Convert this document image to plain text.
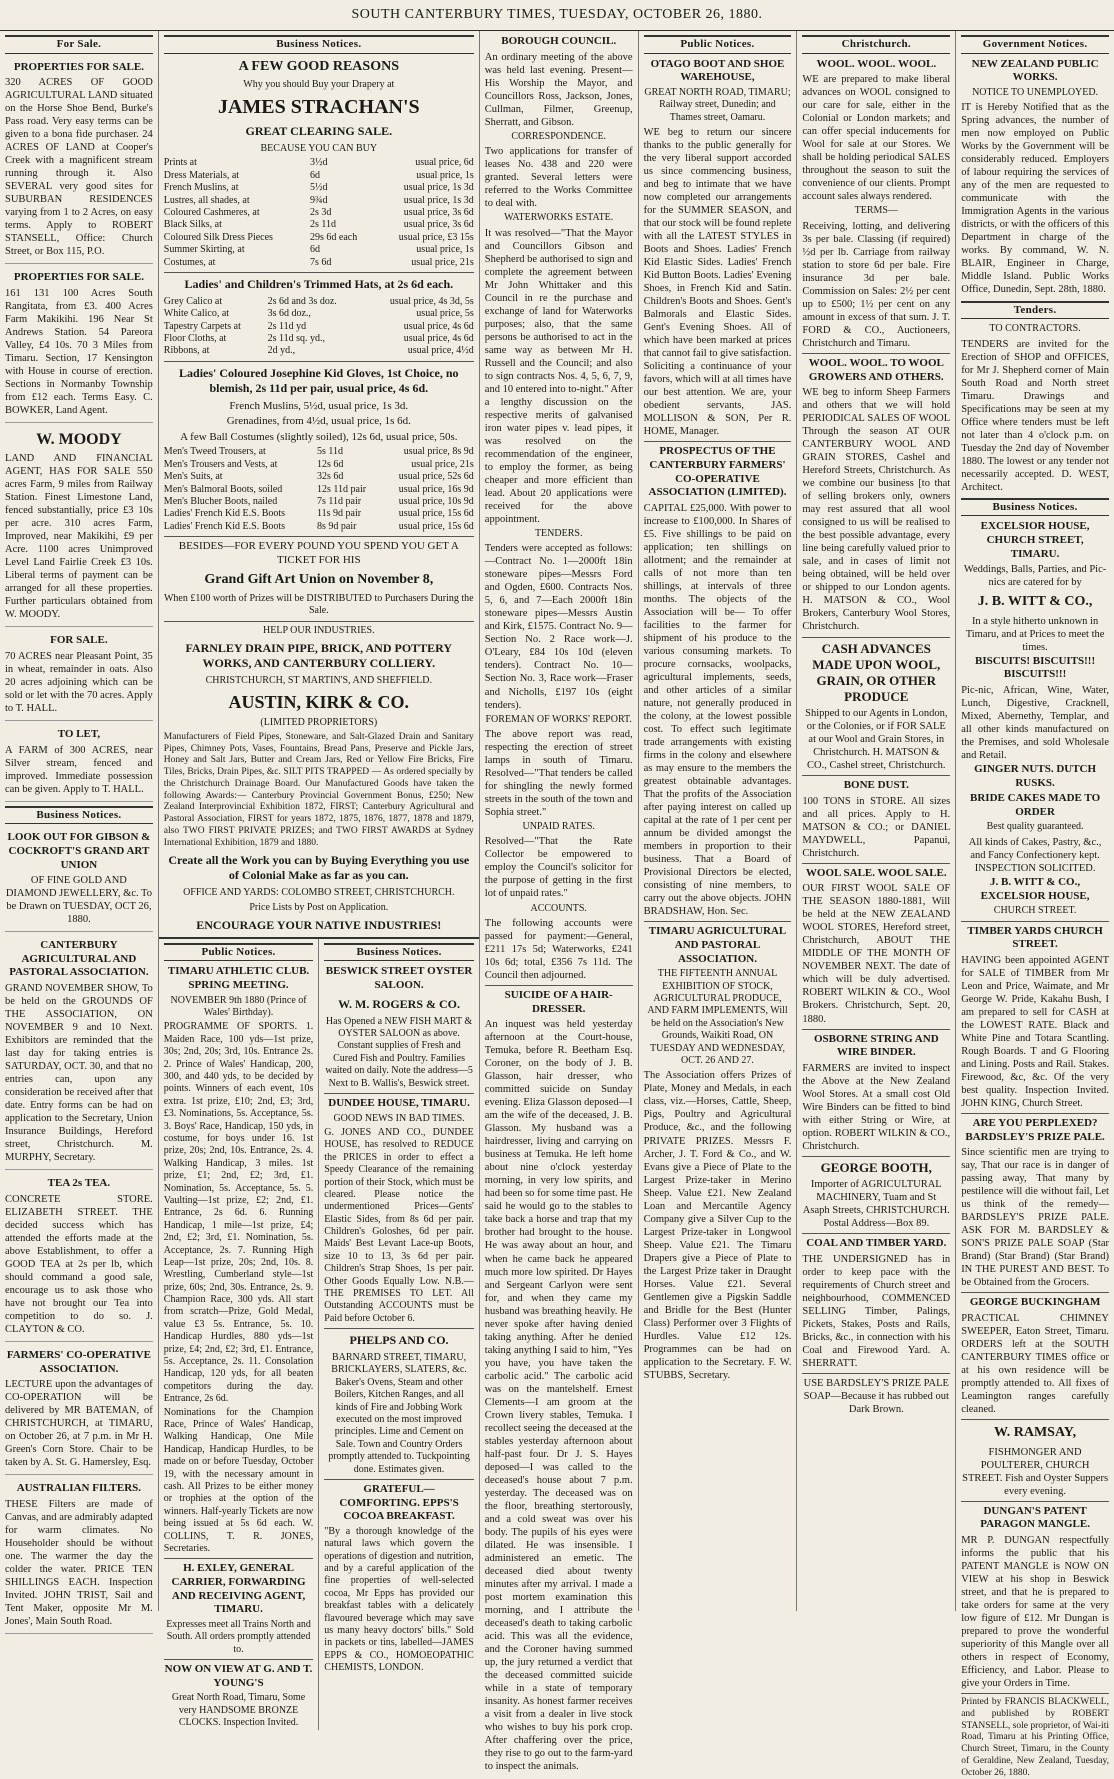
SOUTH CANTERBURY TIMES, TUESDAY, OCTOBER 26, 1880.
For Sale.
PROPERTIES FOR SALE.

320 ACRES OF GOOD AGRICULTURAL LAND situated on the Horse Shoe Bend, Burke's Pass road. Very easy terms can be given to a bona fide purchaser. 24 ACRES OF LAND at Cooper's Creek with a magnificent stream running through it. Also SEVERAL very good sites for SUBURBAN RESIDENCES varying from 1 to 2 Acres, on easy terms. Apply to ROBERT STANSELL, Office: Church Street, or Box 115, P.O.

PROPERTIES FOR SALE.

161 131 100 Acres South Rangitata, from £3. 400 Acres Farm Makikihi. 196 Near St Andrews Station. 54 Pareora Valley, £4 10s. 70 3 Miles from Timaru. Section, 17 Kensington with House in course of erection. Sections in Normanby Township from £12 each. Terms Easy. C. BOWKER, Land Agent.

W. MOODY

LAND AND FINANCIAL AGENT, HAS FOR SALE 550 acres Farm, 9 miles from Railway Station. Finest Limestone Land, fenced substantially, price £3 10s per acre. 310 acres Farm, Improved, near Makikihi, £9 per Acre. 1100 acres Unimproved Level Land Fairlie Creek £3 10s. Liberal terms of payment can be arranged for all these properties. Further particulars obtained from W. MOODY.

FOR SALE.

70 ACRES near Pleasant Point, 35 in wheat, remainder in oats. Also 20 acres adjoining which can be sold or let with the 70 acres. Apply to T. HALL.

TO LET,

A FARM of 300 ACRES, near Silver stream, fenced and improved. Immediate possession can be given. Apply to T. HALL.

Business Notices.
LOOK OUT FOR GIBSON & COCKROFT'S GRAND ART UNION

OF FINE GOLD AND DIAMOND JEWELLERY, &c. To be Drawn on TUESDAY, OCT 26, 1880.

CANTERBURY AGRICULTURAL AND PASTORAL ASSOCIATION.

GRAND NOVEMBER SHOW, To be held on the GROUNDS OF THE ASSOCIATION, ON NOVEMBER 9 and 10 Next. Exhibitors are reminded that the last day for taking entries is SATURDAY, OCT. 30, and that no entries can, upon any consideration be received after that date. Entry forms can be had on application to the Secretary, Union Insurance Buildings, Hereford street, Christchurch. M. MURPHY, Secretary.

TEA 2s TEA.

CONCRETE STORE. ELIZABETH STREET. THE decided success which has attended the efforts made at the above Establishment, to offer a GOOD TEA at 2s per lb, which should command a good sale, encourage us to ask those who have not brought our Tea into competition to do so. J. CLAYTON & CO.

FARMERS' CO-OPERATIVE ASSOCIATION.

LECTURE upon the advantages of CO-OPERATION will be delivered by MR BATEMAN, of CHRISTCHURCH, at TIMARU, on October 26, at 7 p.m. in Mr H. Green's Corn Store. Chair to be taken by A. St. G. Hamersley, Esq.

AUSTRALIAN FILTERS.

THESE Filters are made of Canvas, and are admirably adapted for warm climates. No Householder should be without one. The warmer the day the colder the water. PRICE TEN SHILLINGS EACH. Inspection Invited. JOHN TRIST, Sail and Tent Maker, opposite Mr M. Jones', Main South Road.

Business Notices.
A FEW GOOD REASONS
Why you should Buy your Drapery at
JAMES STRACHAN'S
GREAT CLEARING SALE.
BECAUSE YOU CAN BUY
Prints at	3½d	usual price, 6d
Dress Materials, at	6d	usual price, 1s
French Muslins, at	5½d	usual price, 1s 3d
Lustres, all shades, at	9¾d	usual price, 1s 3d
Coloured Cashmeres, at	2s 3d	usual price, 3s 6d
Black Silks, at	2s 11d	usual price, 3s 6d
Coloured Silk Dress Pieces	29s 6d each	usual price, £3 15s
Summer Skirting, at	6d	usual price, 1s
Costumes, at	7s 6d	usual price, 21s
Ladies' and Children's Trimmed Hats, at 2s 6d each.
Grey Calico at	2s 6d and 3s doz.	usual price, 4s 3d, 5s
White Calico, at	3s 6d doz.,	usual price, 5s
Tapestry Carpets at	2s 11d yd	usual price, 4s 6d
Floor Cloths, at	2s 11d sq. yd.,	usual price, 4s 6d
Ribbons, at	2d yd.,	usual price, 4½d
Ladies' Coloured Josephine Kid Gloves, 1st Choice, no blemish, 2s 11d per pair, usual price, 4s 6d.
French Muslins, 5½d, usual price, 1s 3d.
Grenadines, from 4½d, usual price, 1s 6d.
A few Ball Costumes (slightly soiled), 12s 6d, usual price, 50s.
Men's Tweed Trousers, at	5s 11d	usual price, 8s 9d
Men's Trousers and Vests, at	12s 6d	usual price, 21s
Men's Suits, at	32s 6d	usual price, 52s 6d
Men's Balmoral Boots, soiled	12s 11d pair	usual price, 16s 9d
Men's Blucher Boots, nailed	7s 11d pair	usual price, 10s 9d
Ladies' French Kid E.S. Boots	11s 9d pair	usual price, 15s 6d
Ladies' French Kid E.S. Boots	8s 9d pair	usual price, 15s 6d
BESIDES—FOR EVERY POUND YOU SPEND YOU GET A TICKET FOR HIS
Grand Gift Art Union on November 8,
When £100 worth of Prizes will be DISTRIBUTED to Purchasers During the Sale.
HELP OUR INDUSTRIES.
FARNLEY DRAIN PIPE, BRICK, AND POTTERY WORKS, AND CANTERBURY COLLIERY.
CHRISTCHURCH, ST MARTIN'S, AND SHEFFIELD.
AUSTIN, KIRK & CO.
(LIMITED PROPRIETORS)

Manufacturers of Field Pipes, Stoneware, and Salt-Glazed Drain and Sanitary Pipes, Chimney Pots, Vases, Fountains, Bread Pans, Preserve and Pickle Jars, Honey and Salt Jars, Butter and Cream Jars, Red or Yellow Fire Bricks, Fire Tiles, Bricks, Drain Pipes, &c. SILT PITS TRAPPED — As ordered specially by the Christchurch Drainage Board. Our Manufactured Goods have taken the following Awards:— Canterbury Provincial Government Bonus, £250; New Zealand Interprovincial Exhibition 1872, FIRST; Canterbury Agricultural and Pastoral Association, FIRST for years 1872, 1875, 1876, 1877, 1878 and 1879, also TWO FIRST PRIVATE PRIZES; and TWO FIRST AWARDS at Sydney International Exhibition, 1879 and 1880.

Create all the Work you can by Buying Everything you use of Colonial Make as far as you can.
OFFICE AND YARDS: COLOMBO STREET, CHRISTCHURCH.
Price Lists by Post on Application.
ENCOURAGE YOUR NATIVE INDUSTRIES!
Public Notices.
TIMARU ATHLETIC CLUB. SPRING MEETING.
NOVEMBER 9th 1880 (Prince of Wales' Birthday).

PROGRAMME OF SPORTS. 1. Maiden Race, 100 yds—1st prize, 30s; 2nd, 20s; 3rd, 10s. Entrance 2s. 2. Prince of Wales' Handicap, 200, 300, and 440 yds, to be decided by points. Winners of each event, 10s extra. 1st prize, £10; 2nd, £3; 3rd, £3. Nominations, 5s. Acceptance, 5s. 3. Boys' Race, Handicap, 150 yds, in costume, for boys under 16. 1st prize, 20s; 2nd, 10s. Entrance, 2s. 4. Walking Handicap, 3 miles. 1st prize, £1; 2nd, £2; 3rd, £1. Nomination, 5s. Acceptance, 5s. 5. Vaulting—1st prize, £2; 2nd, £1. Entrance, 2s 6d. 6. Running Handicap, 1 mile—1st prize, £4; 2nd, £2; 3rd, £1. Nomination, 5s. Acceptance, 2s. 7. Running High Leap—1st prize, 20s; 2nd, 10s. 8. Wrestling, Cumberland style—1st prize, 60s; 2nd, 30s. Entrance, 2s. 9. Champion Race, 300 yds. All start from scratch—Prize, Gold Medal, value £3 5s. Entrance, 5s. 10. Handicap Hurdles, 880 yds—1st prize, £4; 2nd, £2; 3rd, £1. Entrance, 5s. Acceptance, 2s. 11. Consolation Handicap, 120 yds, for all beaten competitors during the day. Entrance, 2s 6d.

Nominations for the Champion Race, Prince of Wales' Handicap, Walking Handicap, One Mile Handicap, Handicap Hurdles, to be made on or before Tuesday, October 19, with the necessary amount in cash. All Prizes to be either money or trophies at the option of the winners. Half-yearly Tickets are now being issued at 5s 6d each. W. COLLINS, T. R. JONES, Secretaries.

H. EXLEY, GENERAL CARRIER, FORWARDING AND RECEIVING AGENT, TIMARU.

Expresses meet all Trains North and South. All orders promptly attended to.

NOW ON VIEW AT G. AND T. YOUNG'S

Great North Road, Timaru, Some very HANDSOME BRONZE CLOCKS. Inspection Invited.

Business Notices.
BESWICK STREET OYSTER SALOON.
W. M. ROGERS & CO.

Has Opened a NEW FISH MART & OYSTER SALOON as above. Constant supplies of Fresh and Cured Fish and Poultry. Families waited on daily. Note the address—5 Next to B. Wallis's, Beswick street.

DUNDEE HOUSE, TIMARU.
GOOD NEWS IN BAD TIMES.

G. JONES AND CO., DUNDEE HOUSE, has resolved to REDUCE the PRICES in order to effect a Speedy Clearance of the remaining portion of their Stock, which must be cleared. Please notice the undermentioned Prices—Gents' Elastic Sides, from 8s 6d per pair. Children's Goloshes, 6d per pair. Maids' Best Levant Lace-up Boots, size 10 to 13, 3s 6d per pair. Children's Strap Shoes, 1s per pair. Other Goods Equally Low. N.B.—THE PREMISES TO LET. All Outstanding ACCOUNTS must be Paid before October 6.

PHELPS AND CO.

BARNARD STREET, TIMARU, BRICKLAYERS, SLATERS, &c. Baker's Ovens, Steam and other Boilers, Kitchen Ranges, and all kinds of Fire and Jobbing Work executed on the most improved principles. Lime and Cement on Sale. Town and Country Orders promptly attended to. Tuckpointing done. Estimates given.

GRATEFUL—COMFORTING. EPPS'S COCOA BREAKFAST.

"By a thorough knowledge of the natural laws which govern the operations of digestion and nutrition, and by a careful application of the fine properties of well-selected cocoa, Mr Epps has provided our breakfast tables with a delicately flavoured beverage which may save us many heavy doctors' bills." Sold in packets or tins, labelled—JAMES EPPS & CO., HOMOEOPATHIC CHEMISTS, LONDON.

BOROUGH COUNCIL.

An ordinary meeting of the above was held last evening. Present—His Worship the Mayor, and Councillors Ross, Jackson, Jones, Cullman, Filmer, Greenup, Sherratt, and Gibson.

CORRESPONDENCE.

Two applications for transfer of leases No. 438 and 220 were granted. Several letters were referred to the Works Committee to deal with.

WATERWORKS ESTATE.

It was resolved—"That the Mayor and Councillors Gibson and Shepherd be authorised to sign and complete the agreement between Mr John Whittaker and this Council in re the purchase and exchange of land for Waterworks purposes; also, that the same persons be authorised to act in the same way as between Mr H. Russell and the Council; and also to sign contracts Nos. 4, 5, 6, 7, 9, and 10 entered into to-night." After a lengthy discussion on the respective merits of galvanised iron water pipes v. lead pipes, it was resolved on the recommendation of the engineer, to employ the former, as being cheaper and more efficient than lead. About 20 applications were received for the above appointment.

TENDERS.

Tenders were accepted as follows:—Contract No. 1—2000ft 18in stoneware pipes—Messrs Ford and Ogden, £600. Contracts Nos. 5, 6, and 7—Each 2000ft 18in stoneware pipes—Messrs Austin and Kirk, £1575. Contract No. 9—Section No. 2 Race work—J. O'Leary, £84 10s 10d (eleven tenders). Contract No. 10—Section No. 3, Race work—Fraser and Nicholls, £197 10s (eight tenders).

FOREMAN OF WORKS' REPORT.

The above report was read, respecting the erection of street lamps in south of Timaru. Resolved—"That tenders be called for shingling the newly formed streets in the south of the town and Sophia street."

UNPAID RATES.

Resolved—"That the Rate Collector be empowered to employ the Council's solicitor for the purpose of getting in the first lot of unpaid rates."

ACCOUNTS.

The following accounts were passed for payment:—General, £211 17s 5d; Waterworks, £241 10s 6d; total, £356 7s 11d. The Council then adjourned.

SUICIDE OF A HAIR-DRESSER.

An inquest was held yesterday afternoon at the Court-house, Temuka, before R. Beetham Esq. Coroner, on the body of J. B. Glasson, hair dresser, who committed suicide on Sunday evening. Eliza Glasson deposed—I am the wife of the deceased, J. B. Glasson. My husband was a hairdresser, living and carrying on business at Temuka. He left home about nine o'clock yesterday morning, in very low spirits, and had been so for some time past. He said he would go to the stables to take back a horse and trap that my brother had brought to the house. He was away about an hour, and when he came back he appeared much more low spirited. Dr Hayes and Sergeant Carlyon were sent for, and when they came my husband was breathing heavily. He never spoke after having denied taking anything. After he denied taking anything I said to him, "Yes you have, you have taken the carbolic acid." The carbolic acid was on the mantelshelf. Ernest Clements—I am groom at the Crown livery stables, Temuka. I recollect seeing the deceased at the stables yesterday afternoon about half-past four. Dr J. S. Hayes deposed—I was called to the deceased's house about 7 p.m. yesterday. The deceased was on the floor, breathing stertorously, and a cold sweat was over his body. The pupils of his eyes were dilated. He was insensible. I administered an emetic. The deceased died about twenty minutes after my arrival. I made a post mortem examination this morning, and I attribute the deceased's death to taking carbolic acid. This was all the evidence, and the Coroner having summed up, the jury returned a verdict that the deceased committed suicide while in a state of temporary insanity. As honest farmer receives a visit from a dealer in live stock who wishes to buy his pork crop. After chaffering over the price, they rise to go out to the farm-yard to inspect the animals.

Public Notices.
OTAGO BOOT AND SHOE WAREHOUSE,
GREAT NORTH ROAD, TIMARU; Railway street, Dunedin; and Thames street, Oamaru.

WE beg to return our sincere thanks to the public generally for the very liberal support accorded us since commencing business, and beg to intimate that we have now completed our arrangements for the SUMMER SEASON, and that our stock will be found replete with all the LATEST STYLES in Boots and Shoes. Ladies' French Kid Elastic Sides. Ladies' French Kid Button Boots. Ladies' Evening Shoes, in French Kid and Satin. Children's Boots and Shoes. Gent's Balmorals and Elastic Sides. Gent's Evening Shoes. All of which have been marked at prices that cannot fail to give satisfaction. Soliciting a continuance of your favors, which will at all times have our best attention. We are, your obedient servants, JAS. MOLLISON & SON, Per R. HOME, Manager.

PROSPECTUS OF THE CANTERBURY FARMERS' CO-OPERATIVE ASSOCIATION (LIMITED).

CAPITAL £25,000. With power to increase to £100,000. In Shares of £5. Five shillings to be paid on application; ten shillings on allotment; and the remainder at calls of not more than ten shillings, at intervals of three months. The objects of the Association will be— To offer facilities to the farmer for shipment of his produce to the various consuming markets. To procure cornsacks, woolpacks, agricultural implements, seeds, and other articles of a similar nature, not generally produced in the colony, at the lowest possible cost. To effect such legitimate trade arrangements with existing firms in the colony and elsewhere as may ensure to the members the greatest obtainable advantages. That the profits of the Association after paying interest on called up capital at the rate of 1 per cent per annum be divided amongst the members in proportion to their business. That a Board of Provisional Directors be elected, consisting of nine members, to carry out the above objects. JOHN BRADSHAW, Hon. Sec.

TIMARU AGRICULTURAL AND PASTORAL ASSOCIATION.
THE FIFTEENTH ANNUAL EXHIBITION OF STOCK, AGRICULTURAL PRODUCE, AND FARM IMPLEMENTS, Will be held on the Association's New Grounds, Waikiti Road, ON TUESDAY AND WEDNESDAY, OCT. 26 AND 27.

The Association offers Prizes of Plate, Money and Medals, in each class, viz.—Horses, Cattle, Sheep, Pigs, Poultry and Agricultural Produce, &c., and the following PRIVATE PRIZES. Messrs F. Archer, J. T. Ford & Co., and W. Evans give a Piece of Plate to the Largest Prize-taker in Merino Sheep. Value £21. New Zealand Loan and Mercantile Agency Company give a Silver Cup to the Largest Prize-taker in Longwool Sheep. Value £21. The Timaru Drapers give a Piece of Plate to the Largest Prize taker in Draught Horses. Value £21. Several Gentlemen give a Pigskin Saddle and Bridle for the Best (Hunter Class) Performer over 3 Flights of Hurdles. Value £12 12s. Programmes can be had on application to the Secretary. F. W. STUBBS, Secretary.

Christchurch.
WOOL. WOOL. WOOL.

WE are prepared to make liberal advances on WOOL consigned to our care for sale, either in the Colonial or London markets; and can offer special inducements for Wool for sale at our Stores. We shall be holding periodical SALES throughout the season to suit the convenience of our clients. Prompt account sales always rendered.

TERMS—

Receiving, lotting, and delivering 3s per bale. Classing (if required) ½d per lb. Carriage from railway station to store 6d per bale. Fire insurance 3d per bale. Commission on Sales: 2½ per cent up to £500; 1½ per cent on any amount in excess of that sum. J. T. FORD & CO., Auctioneers, Christchurch and Timaru.

WOOL. WOOL. TO WOOL GROWERS AND OTHERS.

WE beg to inform Sheep Farmers and others that we will hold PERIODICAL SALES OF WOOL Through the season AT OUR CANTERBURY WOOL AND GRAIN STORES, Cashel and Hereford Streets, Christchurch. As we combine our business [to that of selling brokers only, owners may rest assured that all wool consigned to us will be realised to the best possible advantage, every line being carefully valued prior to sale, and in cases of limit not being obtained, will be held over or shipped to our London agents. H. MATSON & CO., Wool Brokers, Canterbury Wool Stores, Christchurch.

CASH ADVANCES MADE UPON WOOL, GRAIN, OR OTHER PRODUCE

Shipped to our Agents in London, or the Colonies, or if FOR SALE at our Wool and Grain Stores, in Christchurch. H. MATSON & CO., Cashel street, Christchurch.

BONE DUST.

100 TONS in STORE. All sizes and all prices. Apply to H. MATSON & CO.; or DANIEL MAYDWELL, Papanui, Christchurch.

WOOL SALE. WOOL SALE.

OUR FIRST WOOL SALE OF THE SEASON 1880-1881, Will be held at the NEW ZEALAND WOOL STORES, Hereford street, Christchurch, ABOUT THE MIDDLE OF THE MONTH OF NOVEMBER NEXT. The date of which will be duly advertised. ROBERT WILKIN & CO., Wool Brokers. Christchurch, Sept. 20, 1880.

OSBORNE STRING AND WIRE BINDER.

FARMERS are invited to inspect the Above at the New Zealand Wool Stores. At a small cost Old Wire Binders can be fitted to bind with either String or Wire, at option. ROBERT WILKIN & CO., Christchurch.

GEORGE BOOTH,

Importer of AGRICULTURAL MACHINERY, Tuam and St Asaph Streets, CHRISTCHURCH. Postal Address—Box 89.

COAL AND TIMBER YARD.

THE UNDERSIGNED has in order to keep pace with the requirements of Church street and neighbourhood, COMMENCED SELLING Timber, Palings, Pickets, Stakes, Posts and Rails, Bricks, &c., in connection with his Coal and Firewood Yard. A. SHERRATT.

USE BARDSLEY'S PRIZE PALE SOAP—Because it has rubbed out Dark Brown.

Government Notices.
NEW ZEALAND PUBLIC WORKS.
NOTICE TO UNEMPLOYED.

IT is Hereby Notified that as the Spring advances, the number of men now employed on Public Works by the Government will be considerably reduced. Employers of labour requiring the services of any of the men are requested to communicate with the Immigration Agents in the various districts, or with the officers of this Department in charge of the works. By command, W. N. BLAIR, Engineer in Charge, Middle Island. Public Works Office, Dunedin, Sept. 28th, 1880.

Tenders.
TO CONTRACTORS.

TENDERS are invited for the Erection of SHOP and OFFICES, for Mr J. Shepherd corner of Main South Road and North street Timaru. Drawings and Specifications may be seen at my Office where tenders must be left not later than 4 o'clock p.m. on Tuesday the 2nd day of November 1880. The lowest or any tender not necessarily accepted. D. WEST, Architect.

Business Notices.
EXCELSIOR HOUSE, CHURCH STREET, TIMARU.

Weddings, Balls, Parties, and Pic-nics are catered for by

J. B. WITT & CO.,

In a style hitherto unknown in Timaru, and at Prices to meet the times.

BISCUITS! BISCUITS!!! BISCUITS!!!

Pic-nic, African, Wine, Water, Lunch, Digestive, Cracknell, Mixed, Abernethy, Templar, and all other kinds manufactured on the Premises, and sold Wholesale and Retail.

GINGER NUTS. DUTCH RUSKS.
BRIDE CAKES MADE TO ORDER
Best quality guaranteed.

All kinds of Cakes, Pastry, &c., and Fancy Confectionery kept. INSPECTION SOLICITED.

J. B. WITT & CO., EXCELSIOR HOUSE,
CHURCH STREET.
TIMBER YARDS CHURCH STREET.

HAVING been appointed AGENT for SALE of TIMBER from Mr Leon and Price, Waimate, and Mr George W. Pride, Kakahu Bush, I am prepared to sell for CASH at the LOWEST RATE. Black and White Pine and Totara Scantling. Rough Boards. T and G Flooring and Lining. Posts and Rail. Stakes. Firewood, &c, &c. Of the very best quality. Inspection Invited. JOHN KING, Church Street.

ARE YOU PERPLEXED? BARDSLEY'S PRIZE PALE.

Since scientific men are trying to say, That our race is in danger of passing away, That many by pestilence will die without fail, Let us think of the remedy—BARDSLEY'S PRIZE PALE. ASK FOR M. BARDSLEY & SON'S PRIZE PALE SOAP (Star Brand) (Star Brand) (Star Brand) IN THE PUREST AND BEST. To be Obtained from the Grocers.

GEORGE BUCKINGHAM

PRACTICAL CHIMNEY SWEEPER, Eaton Street, Timaru. ORDERS left at the SOUTH CANTERBURY TIMES office or at his own residence will be promptly attended to. All fixes of Leamington ranges carefully cleaned.

W. RAMSAY,

FISHMONGER AND POULTERER, CHURCH STREET. Fish and Oyster Suppers every evening.

DUNGAN'S PATENT PARAGON MANGLE.

MR P. DUNGAN respectfully informs the public that his PATENT MANGLE is NOW ON VIEW at his shop in Beswick street, and that he is prepared to take orders for same at the very low figure of £12. Mr Dungan is prepared to prove the wonderful superiority of this Mangle over all others in respect of Economy, Efficiency, and Labor. Please to give your Orders in Time.

Printed by FRANCIS BLACKWELL, and published by ROBERT STANSELL, sole proprietor, of Wai-iti Road, Timaru at his Printing Office, Church Street, Timaru, in the County of Geraldine, New Zealand, Tuesday, October 26, 1880.
